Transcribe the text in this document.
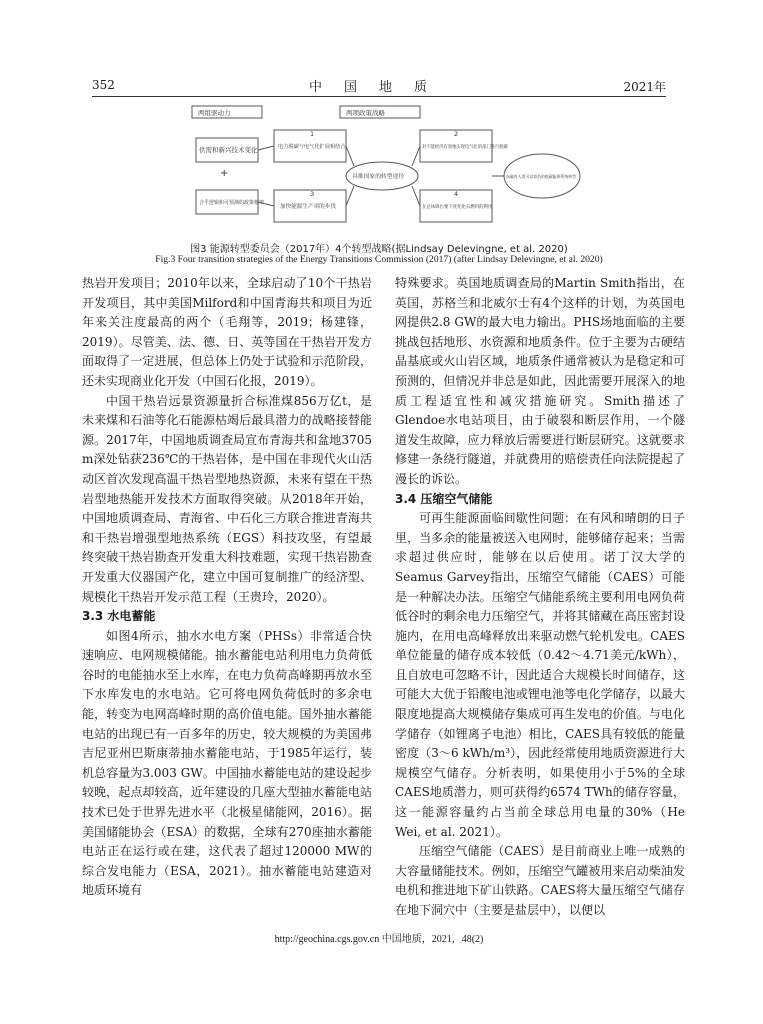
352	中国地质	2021年
两组驱动力	两项政策战略
供需和新兴技术变化
+
合乎逻辑和可预测的政策框架
电力脱碳与电气化扩展相结合
1
对不能经济有效地实现电气化的部门进行脱碳
2
加快能源生产率的步伐
3
在总体降污要下优化化石燃料的利用
4
具推国家的转型途径	向碳有人类可以容负的低碳能源系统转型
图3 能源转型委员会（2017年）4个转型战略(据Lindsay Delevingne, et al. 2020)
Fig.3 Four transition strategies of the Energy Transitions Commission (2017) (after Lindsay Delevingne, et al. 2020)

热岩开发项目；2010年以来，全球启动了10个干热岩开发项目，其中美国Milford和中国青海共和项目为近年来关注度最高的两个（毛翔等，2019；杨建锋，2019）。尽管美、法、德、日、英等国在干热岩开发方面取得了一定进展，但总体上仍处于试验和示范阶段，还未实现商业化开发（中国石化报，2019）。

中国干热岩远景资源量折合标准煤856万亿t，是未来煤和石油等化石能源枯竭后最具潜力的战略接替能源。2017年，中国地质调查局宣布青海共和盆地3705 m深处钻获236℃的干热岩体，是中国在非现代火山活动区首次发现高温干热岩型地热资源，未来有望在干热岩型地热能开发技术方面取得突破。从2018年开始，中国地质调查局、青海省、中石化三方联合推进青海共和干热岩增强型地热系统（EGS）科技攻坚，有望最终突破干热岩勘查开发重大科技难题，实现干热岩勘查开发重大仪器国产化，建立中国可复制推广的经济型、规模化干热岩开发示范工程（王贵玲，2020）。

3.3 水电蓄能

如图4所示，抽水水电方案（PHSs）非常适合快速响应、电网规模储能。抽水蓄能电站利用电力负荷低谷时的电能抽水至上水库，在电力负荷高峰期再放水至下水库发电的水电站。它可将电网负荷低时的多余电能，转变为电网高峰时期的高价值电能。国外抽水蓄能电站的出现已有一百多年的历史，较大规模的为美国弗吉尼亚州巴斯康蒂抽水蓄能电站，于1985年运行，装机总容量为3.003 GW。中国抽水蓄能电站的建设起步较晚，起点却较高，近年建设的几座大型抽水蓄能电站技术已处于世界先进水平（北极星储能网，2016）。据美国储能协会（ESA）的数据，全球有270座抽水蓄能电站正在运行或在建，这代表了超过120000 MW的综合发电能力（ESA，2021）。抽水蓄能电站建造对地质环境有

特殊要求。英国地质调查局的Martin Smith指出，在英国，苏格兰和北威尔士有4个这样的计划，为英国电网提供2.8 GW的最大电力输出。PHS场地面临的主要挑战包括地形、水资源和地质条件。位于主要为古硬结晶基底或火山岩区域，地质条件通常被认为是稳定和可预测的，但情况并非总是如此，因此需要开展深入的地质工程适宜性和减灾措施研究。Smith描述了Glendoe水电站项目，由于破裂和断层作用，一个隧道发生故障，应力释放后需要进行断层研究。这就要求修建一条绕行隧道，并就费用的赔偿责任向法院提起了漫长的诉讼。

3.4 压缩空气储能

可再生能源面临间歇性问题：在有风和晴朗的日子里，当多余的能量被送入电网时，能够储存起来；当需求超过供应时，能够在以后使用。诺丁汉大学的Seamus Garvey指出，压缩空气储能（CAES）可能是一种解决办法。压缩空气储能系统主要利用电网负荷低谷时的剩余电力压缩空气，并将其储藏在高压密封设施内，在用电高峰释放出来驱动燃气轮机发电。CAES单位能量的储存成本较低（0.42～4.71美元/kWh），且自放电可忽略不计，因此适合大规模长时间储存，这可能大大优于铅酸电池或锂电池等电化学储存，以最大限度地提高大规模储存集成可再生发电的价值。与电化学储存（如锂离子电池）相比，CAES具有较低的能量密度（3～6 kWh/m³），因此经常使用地质资源进行大规模空气储存。分析表明，如果使用小于5%的全球CAES地质潜力，则可获得约6574 TWh的储存容量，这一能源容量约占当前全球总用电量的30%（He Wei, et al. 2021）。

压缩空气储能（CAES）是目前商业上唯一成熟的大容量储能技术。例如，压缩空气罐被用来启动柴油发电机和推进地下矿山铁路。CAES将大量压缩空气储存在地下洞穴中（主要是盐层中），以便以

http://geochina.cgs.gov.cn 中国地质，2021，48(2)
